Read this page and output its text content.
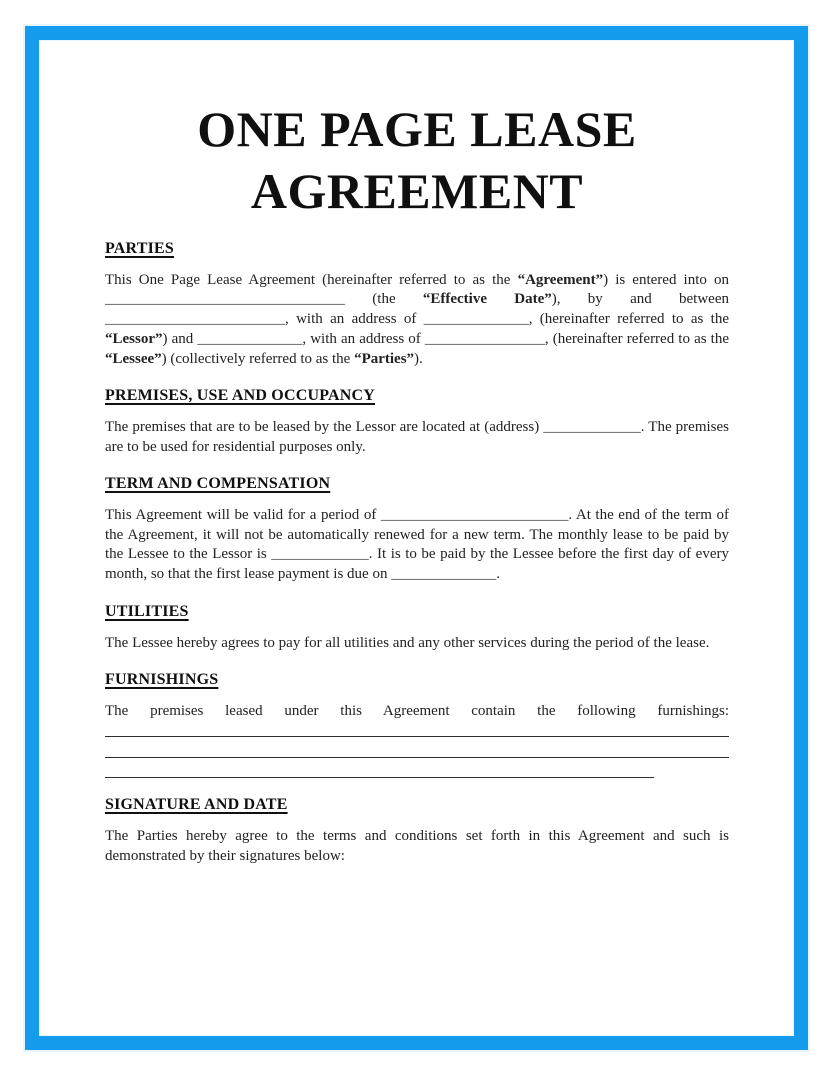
ONE PAGE LEASE AGREEMENT
PARTIES

This One Page Lease Agreement (hereinafter referred to as the “Agreement”) is entered into on ________________________________ (the “Effective Date”), by and between ________________________, with an address of ______________, (hereinafter referred to as the “Lessor”) and ______________, with an address of ________________, (hereinafter referred to as the “Lessee”) (collectively referred to as the “Parties”).

PREMISES, USE AND OCCUPANCY

The premises that are to be leased by the Lessor are located at (address) _____________. The premises are to be used for residential purposes only.

TERM AND COMPENSATION

This Agreement will be valid for a period of _________________________. At the end of the term of the Agreement, it will not be automatically renewed for a new term. The monthly lease to be paid by the Lessee to the Lessor is _____________. It is to be paid by the Lessee before the first day of every month, so that the first lease payment is due on ______________.

UTILITIES

The Lessee hereby agrees to pay for all utilities and any other services during the period of the lease.

FURNISHINGS

The premises leased under this Agreement contain the following furnishings:

SIGNATURE AND DATE

The Parties hereby agree to the terms and conditions set forth in this Agreement and such is demonstrated by their signatures below:
